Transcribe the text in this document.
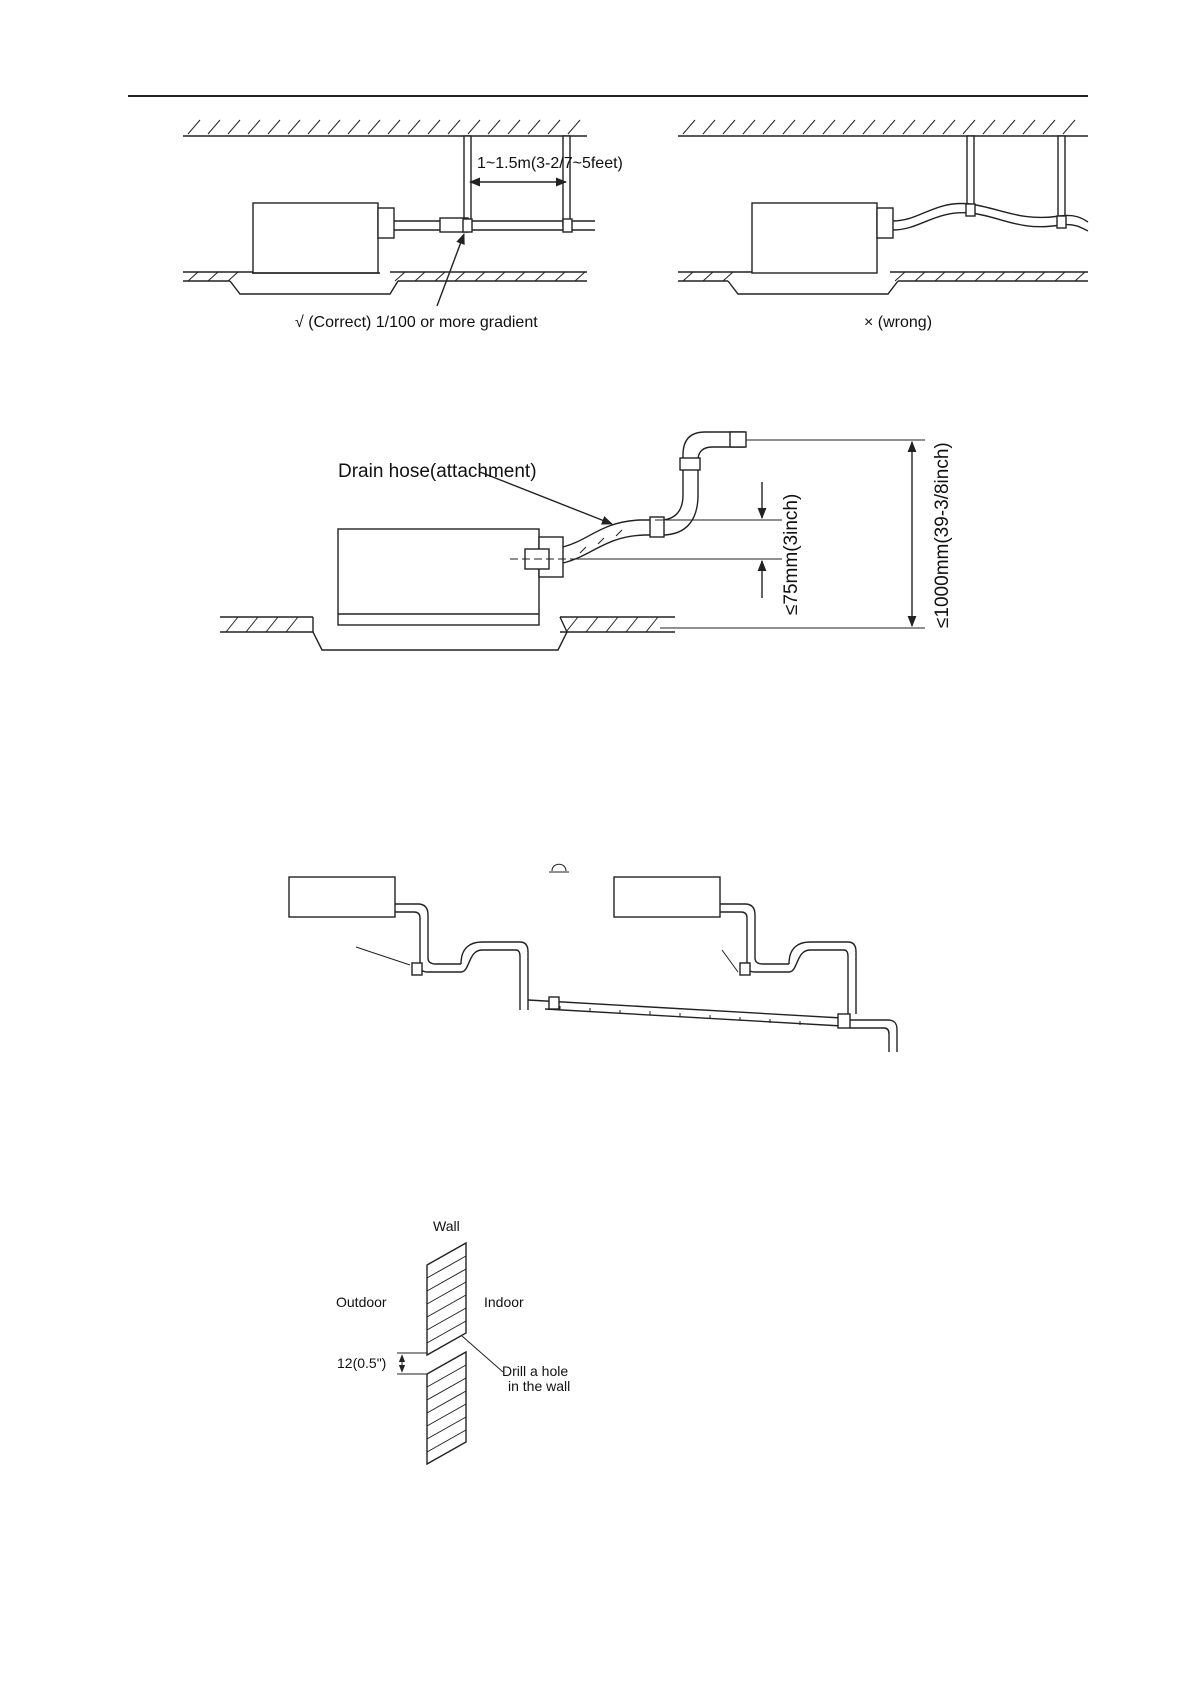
1~1.5m(3-2/7~5feet)
√ (Correct) 1/100 or more gradient	× (wrong)
≤75mm(3inch)	≤1000mm(39-3/8inch)
Drain hose(attachment)
Wall
Outdoor	Indoor
12(0.5")	Drill a hole
in the wall
